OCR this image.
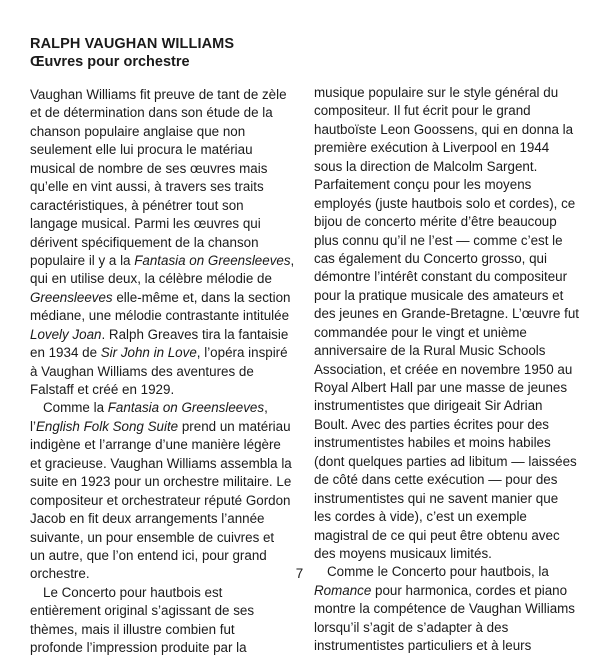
RALPH VAUGHAN WILLIAMS
Œuvres pour orchestre
Vaughan Williams fit preuve de tant de zèle
et de détermination dans son étude de la
chanson populaire anglaise que non
seulement elle lui procura le matériau
musical de nombre de ses œuvres mais
qu’elle en vint aussi, à travers ses traits
caractéristiques, à pénétrer tout son
langage musical. Parmi les œuvres qui
dérivent spécifiquement de la chanson
populaire il y a la Fantasia on Greensleeves,
qui en utilise deux, la célèbre mélodie de
Greensleeves elle-même et, dans la section
médiane, une mélodie contrastante intitulée
Lovely Joan. Ralph Greaves tira la fantaisie
en 1934 de Sir John in Love, l’opéra inspiré
à Vaughan Williams des aventures de
Falstaff et créé en 1929.
Comme la Fantasia on Greensleeves,
l’English Folk Song Suite prend un matériau
indigène et l’arrange d’une manière légère
et gracieuse. Vaughan Williams assembla la
suite en 1923 pour un orchestre militaire. Le
compositeur et orchestrateur réputé Gordon
Jacob en fit deux arrangements l’année
suivante, un pour ensemble de cuivres et
un autre, que l’on entend ici, pour grand
orchestre.
Le Concerto pour hautbois est
entièrement original s’agissant de ses
thèmes, mais il illustre combien fut
profonde l’impression produite par la
musique populaire sur le style général du
compositeur. Il fut écrit pour le grand
hautboïste Leon Goossens, qui en donna la
première exécution à Liverpool en 1944
sous la direction de Malcolm Sargent.
Parfaitement conçu pour les moyens
employés (juste hautbois solo et cordes), ce
bijou de concerto mérite d’être beaucoup
plus connu qu’il ne l’est — comme c’est le
cas également du Concerto grosso, qui
démontre l’intérêt constant du compositeur
pour la pratique musicale des amateurs et
des jeunes en Grande-Bretagne. L’œuvre fut
commandée pour le vingt et unième
anniversaire de la Rural Music Schools
Association, et créée en novembre 1950 au
Royal Albert Hall par une masse de jeunes
instrumentistes que dirigeait Sir Adrian
Boult. Avec des parties écrites pour des
instrumentistes habiles et moins habiles
(dont quelques parties ad libitum — laissées
de côté dans cette exécution — pour des
instrumentistes qui ne savent manier que
les cordes à vide), c’est un exemple
magistral de ce qui peut être obtenu avec
des moyens musicaux limités.
Comme le Concerto pour hautbois, la
Romance pour harmonica, cordes et piano
montre la compétence de Vaughan Williams
lorsqu’il s’agit de s’adapter à des
instrumentistes particuliers et à leurs
7
